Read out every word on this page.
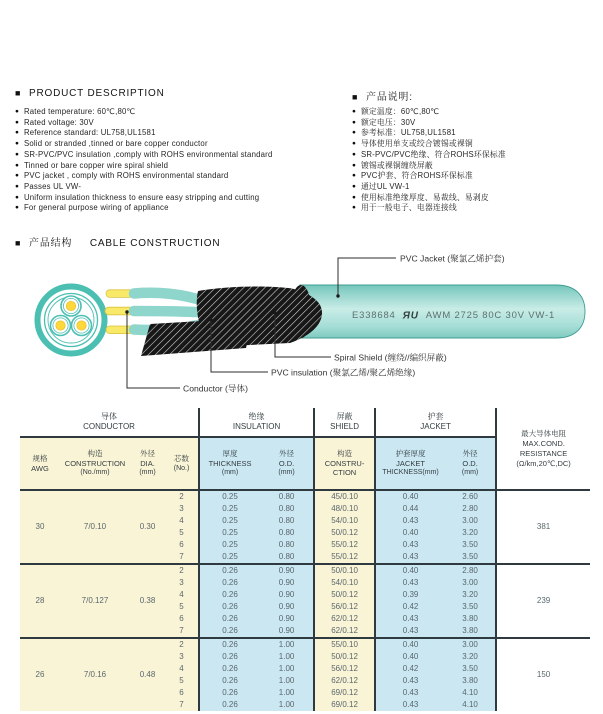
■ PRODUCT DESCRIPTION
● Rated temperature: 60℃,80℃
● Rated voltage: 30V
● Reference standard: UL758,UL1581
● Solid or stranded ,tinned or bare copper conductor
● SR-PVC/PVC insulation ,comply with ROHS environmental standard
● Tinned or bare copper wire spiral shield
● PVC jacket , comply with ROHS environmental standard
● Passes UL VW-
● Uniform insulation thickness to ensure easy stripping and cutting
● For general purpose wiring of appliance
■ 产品说明:
● 额定温度：60℃,80℃
● 额定电压：30V
● 参考标准：UL758,UL1581
● 导体使用单支或绞合镀锡或裸铜
● SR-PVC/PVC绝缘、符合ROHS环保标准
● 镀锡或裸铜缠绕屏蔽
● PVC护套、符合ROHS环保标准
● 通过UL VW-1
● 使用标准绝缘厚度、易裁线、易剥皮
● 用于一般电子、电器连接线
■ 产品结构 CABLE CONSTRUCTION
E338684 ЯU AWM 2725 80C 30V VW-1
PVC Jacket (聚氯乙烯护套)
Spiral Shield (缠绕//编织屏蔽)
PVC insulation (聚氯乙烯/聚乙烯绝缘)
Conductor (导体)
导体
CONDUCTOR

绝缘
INSULATION

屏蔽
SHIELD

护套
JACKET

最大导体电阻
MAX.COND.
RESISTANCE
(Ω/km,20℃,DC)

规格
AWG

构造
CONSTRUCTION
(No./mm)

外径
DIA.
(mm)

芯数
(No.)

厚度
THICKNESS
(mm)

外径
O.D.
(mm)

构造
CONSTRU-
CTION

护套厚度
JACKET
THICKNESS(mm)

外径
O.D.
(mm)

30	7/0.10	0.30	2	0.25	0.80	45/0.10	0.40	2.60	381
			3	0.25	0.80	48/0.10	0.44	2.80	
			4	0.25	0.80	54/0.10	0.43	3.00	
			5	0.25	0.80	50/0.12	0.40	3.20	
			6	0.25	0.80	55/0.12	0.43	3.50	
			7	0.25	0.80	55/0.12	0.43	3.50	
28	7/0.127	0.38	2	0.26	0.90	50/0.10	0.40	2.80	239
			3	0.26	0.90	54/0.10	0.43	3.00	
			4	0.26	0.90	50/0.12	0.39	3.20	
			5	0.26	0.90	56/0.12	0.42	3.50	
			6	0.26	0.90	62/0.12	0.43	3.80	
			7	0.26	0.90	62/0.12	0.43	3.80	
26	7/0.16	0.48	2	0.26	1.00	55/0.10	0.40	3.00	150
			3	0.26	1.00	50/0.12	0.40	3.20	
			4	0.26	1.00	56/0.12	0.42	3.50	
			5	0.26	1.00	62/0.12	0.43	3.80	
			6	0.26	1.00	69/0.12	0.43	4.10	
			7	0.26	1.00	69/0.12	0.43	4.10	
